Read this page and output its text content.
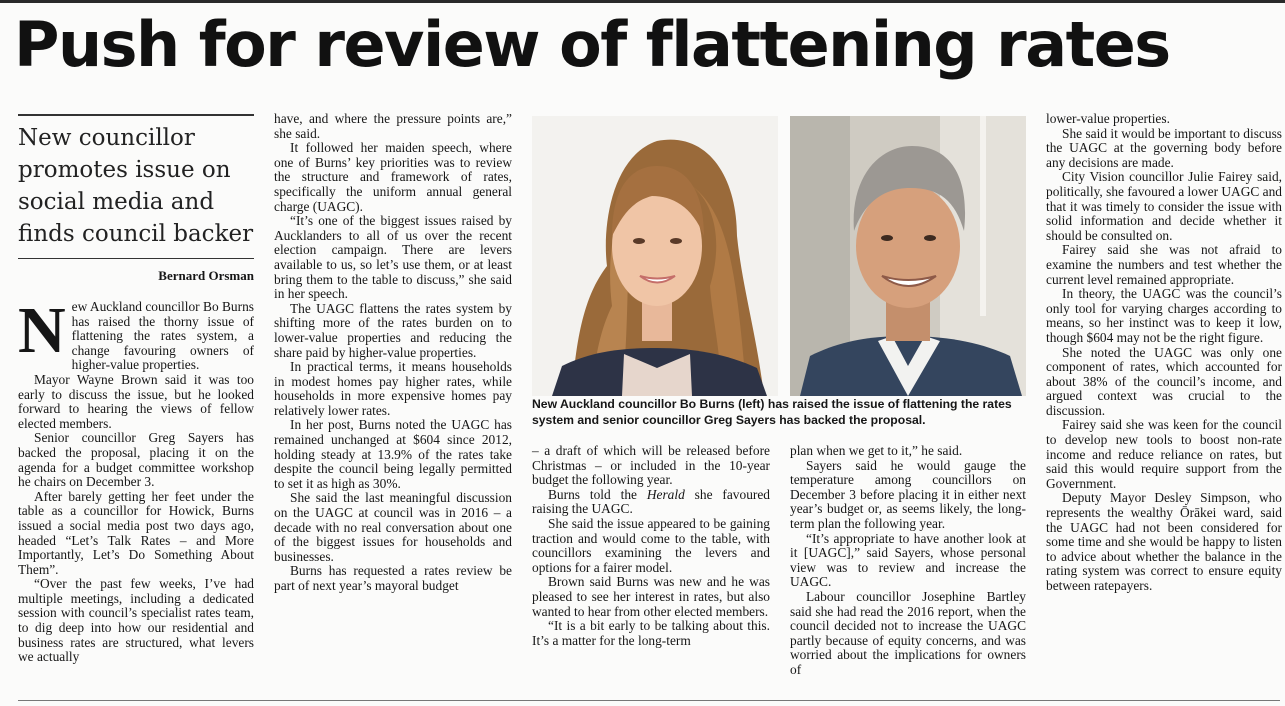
Push for review of flattening rates

New councillor promotes issue on social media and finds council backer

Bernard Orsman

New Auckland councillor Bo Burns has raised the thorny issue of flattening the rates system, a change favouring owners of higher-value properties.

Mayor Wayne Brown said it was too early to discuss the issue, but he looked forward to hearing the views of fellow elected members.

Senior councillor Greg Sayers has backed the proposal, placing it on the agenda for a budget committee workshop he chairs on December 3.

After barely getting her feet under the table as a councillor for Howick, Burns issued a social media post two days ago, headed “Let’s Talk Rates – and More Importantly, Let’s Do Something About Them”.

“Over the past few weeks, I’ve had multiple meetings, including a dedicated session with council’s specialist rates team, to dig deep into how our residential and business rates are structured, what levers we actually

have, and where the pressure points are,” she said.

It followed her maiden speech, where one of Burns’ key priorities was to review the structure and framework of rates, specifically the uniform annual general charge (UAGC).

“It’s one of the biggest issues raised by Aucklanders to all of us over the recent election campaign. There are levers available to us, so let’s use them, or at least bring them to the table to discuss,” she said in her speech.

The UAGC flattens the rates system by shifting more of the rates burden on to lower-value properties and reducing the share paid by higher-value properties.

In practical terms, it means households in modest homes pay higher rates, while households in more expensive homes pay relatively lower rates.

In her post, Burns noted the UAGC has remained unchanged at $604 since 2012, holding steady at 13.9% of the rates take despite the council being legally permitted to set it as high as 30%.

She said the last meaningful discussion on the UAGC at council was in 2016 – a decade with no real conversation about one of the biggest issues for households and businesses.

Burns has requested a rates review be part of next year’s mayoral budget

New Auckland councillor Bo Burns (left) has raised the issue of flattening the rates system and senior councillor Greg Sayers has backed the proposal.

– a draft of which will be released before Christmas – or included in the 10-year budget the following year.

Burns told the Herald she favoured raising the UAGC.

She said the issue appeared to be gaining traction and would come to the table, with councillors examining the levers and options for a fairer model.

Brown said Burns was new and he was pleased to see her interest in rates, but also wanted to hear from other elected members.

“It is a bit early to be talking about this. It’s a matter for the long-term

plan when we get to it,” he said.

Sayers said he would gauge the temperature among councillors on December 3 before placing it in either next year’s budget or, as seems likely, the long-term plan the following year.

“It’s appropriate to have another look at it [UAGC],” said Sayers, whose personal view was to review and increase the UAGC.

Labour councillor Josephine Bartley said she had read the 2016 report, when the council decided not to increase the UAGC partly because of equity concerns, and was worried about the implications for owners of

lower-value properties.

She said it would be important to discuss the UAGC at the governing body before any decisions are made.

City Vision councillor Julie Fairey said, politically, she favoured a lower UAGC and that it was timely to consider the issue with solid information and decide whether it should be consulted on.

Fairey said she was not afraid to examine the numbers and test whether the current level remained appropriate.

In theory, the UAGC was the council’s only tool for varying charges according to means, so her instinct was to keep it low, though $604 may not be the right figure.

She noted the UAGC was only one component of rates, which accounted for about 38% of the council’s income, and argued context was crucial to the discussion.

Fairey said she was keen for the council to develop new tools to boost non-rate income and reduce reliance on rates, but said this would require support from the Government.

Deputy Mayor Desley Simpson, who represents the wealthy Ōrākei ward, said the UAGC had not been considered for some time and she would be happy to listen to advice about whether the balance in the rating system was correct to ensure equity between ratepayers.
